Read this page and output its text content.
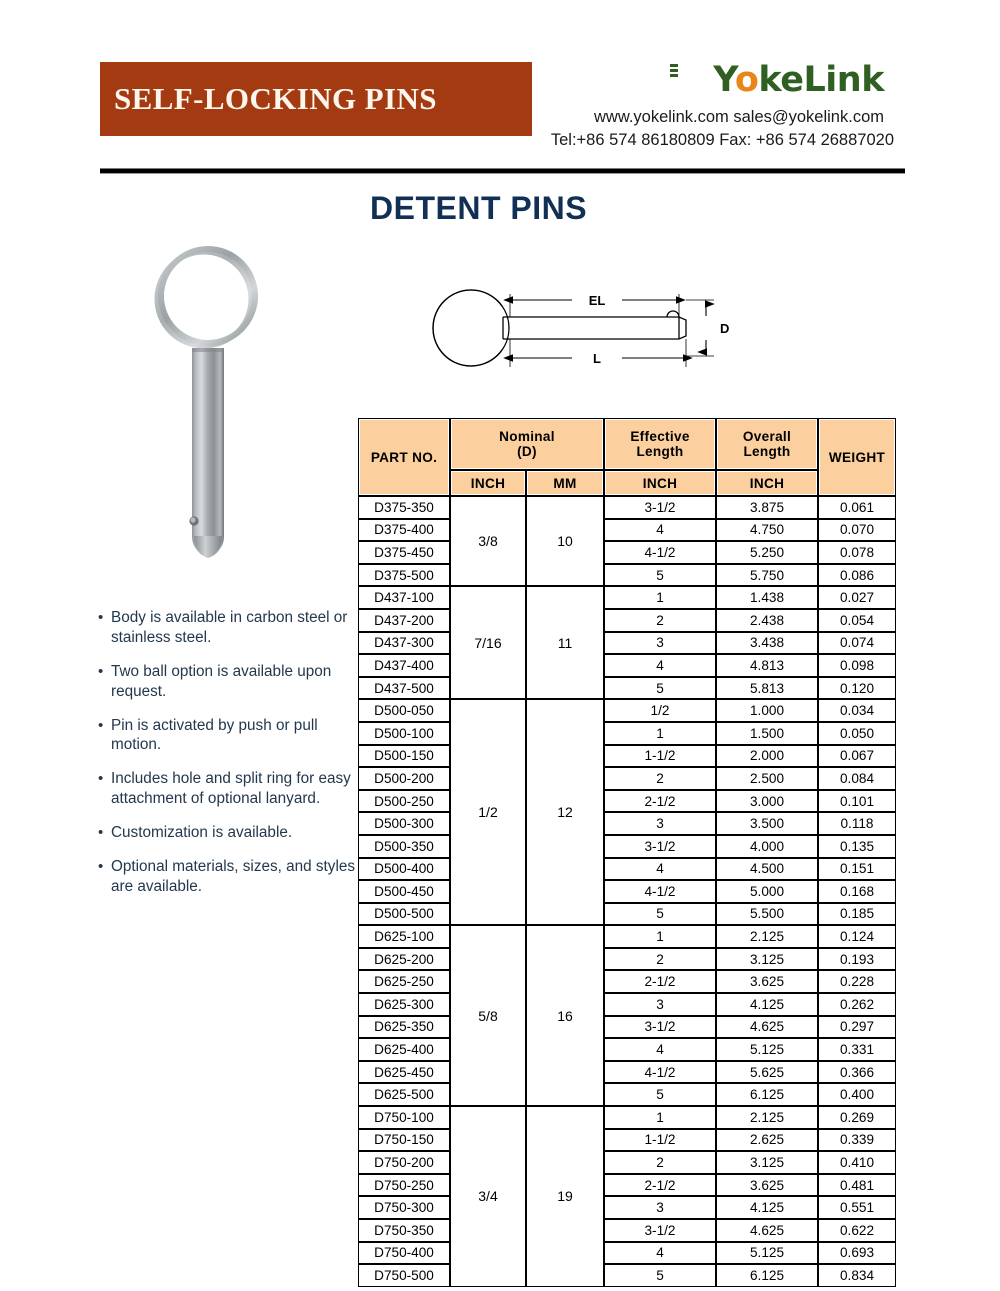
SELF-LOCKING PINS	YokeLink
www.yokelink.com sales@yokelink.com
Tel:+86 574 86180809 Fax: +86 574 26887020
DETENT PINS
EL
L
D
• Body is available in carbon steel or stainless steel.
• Two ball option is available upon request.
• Pin is activated by push or pull motion.
• Includes hole and split ring for easy attachment of optional lanyard.
• Customization is available.
• Optional materials, sizes, and styles are available.
PART NO.	
Nominal
(D)

Effective
Length

Overall
Length	WEIGHT
	INCH	MM	INCH	INCH	
D375-350	3/8	10	3-1/2	3.875	0.061
D375-400			4	4.750	0.070
D375-450			4-1/2	5.250	0.078
D375-500			5	5.750	0.086
D437-100	7/16	11	1	1.438	0.027
D437-200			2	2.438	0.054
D437-300			3	3.438	0.074
D437-400			4	4.813	0.098
D437-500			5	5.813	0.120
D500-050	1/2	12	1/2	1.000	0.034
D500-100			1	1.500	0.050
D500-150			1-1/2	2.000	0.067
D500-200			2	2.500	0.084
D500-250			2-1/2	3.000	0.101
D500-300			3	3.500	0.118
D500-350			3-1/2	4.000	0.135
D500-400			4	4.500	0.151
D500-450			4-1/2	5.000	0.168
D500-500			5	5.500	0.185
D625-100	5/8	16	1	2.125	0.124
D625-200			2	3.125	0.193
D625-250			2-1/2	3.625	0.228
D625-300			3	4.125	0.262
D625-350			3-1/2	4.625	0.297
D625-400			4	5.125	0.331
D625-450			4-1/2	5.625	0.366
D625-500			5	6.125	0.400
D750-100	3/4	19	1	2.125	0.269
D750-150			1-1/2	2.625	0.339
D750-200			2	3.125	0.410
D750-250			2-1/2	3.625	0.481
D750-300			3	4.125	0.551
D750-350			3-1/2	4.625	0.622
D750-400			4	5.125	0.693
D750-500			5	6.125	0.834
